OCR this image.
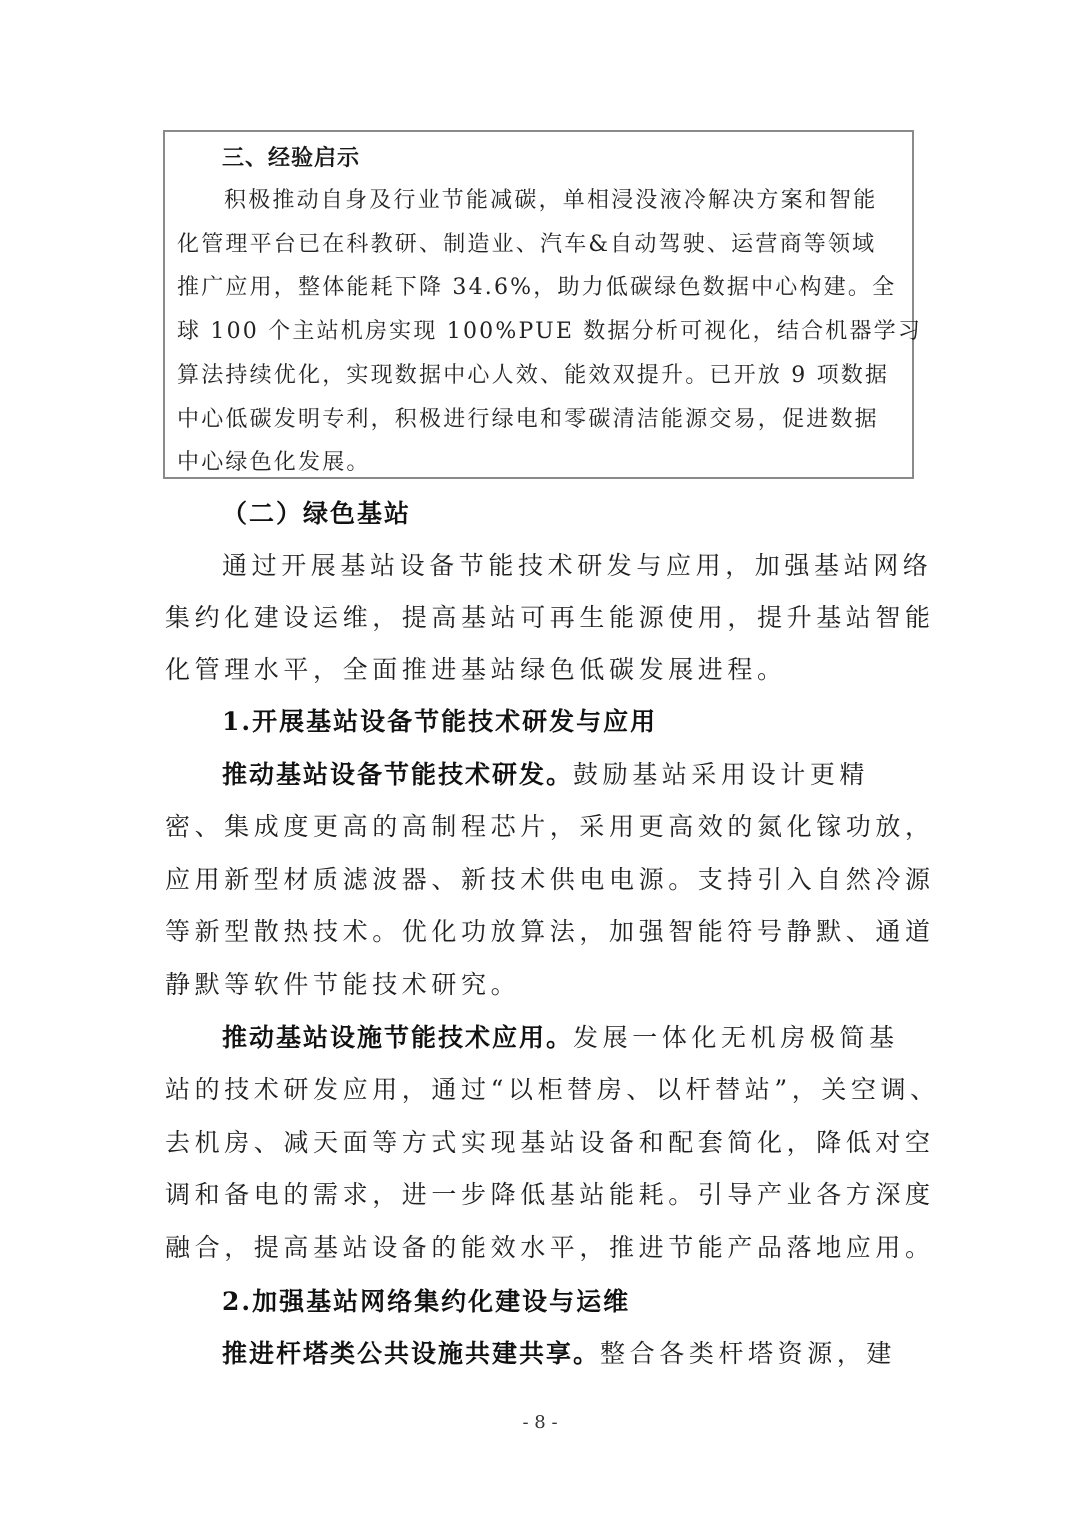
三、经验启示
积极推动自身及行业节能减碳，单相浸没液冷解决方案和智能
化管理平台已在科教研、制造业、汽车&自动驾驶、运营商等领域
推广应用，整体能耗下降 34.6%，助力低碳绿色数据中心构建。全
球 100 个主站机房实现 100%PUE 数据分析可视化，结合机器学习
算法持续优化，实现数据中心人效、能效双提升。已开放 9 项数据
中心低碳发明专利，积极进行绿电和零碳清洁能源交易，促进数据
中心绿色化发展。
（二）绿色基站
通过开展基站设备节能技术研发与应用，加强基站网络
集约化建设运维，提高基站可再生能源使用，提升基站智能
化管理水平，全面推进基站绿色低碳发展进程。
1.开展基站设备节能技术研发与应用
推动基站设备节能技术研发。鼓励基站采用设计更精
密、集成度更高的高制程芯片，采用更高效的氮化镓功放，
应用新型材质滤波器、新技术供电电源。支持引入自然冷源
等新型散热技术。优化功放算法，加强智能符号静默、通道
静默等软件节能技术研究。
推动基站设施节能技术应用。发展一体化无机房极简基
站的技术研发应用，通过“以柜替房、以杆替站”，关空调、
去机房、减天面等方式实现基站设备和配套简化，降低对空
调和备电的需求，进一步降低基站能耗。引导产业各方深度
融合，提高基站设备的能效水平，推进节能产品落地应用。
2.加强基站网络集约化建设与运维
推进杆塔类公共设施共建共享。整合各类杆塔资源，建
- 8 -
